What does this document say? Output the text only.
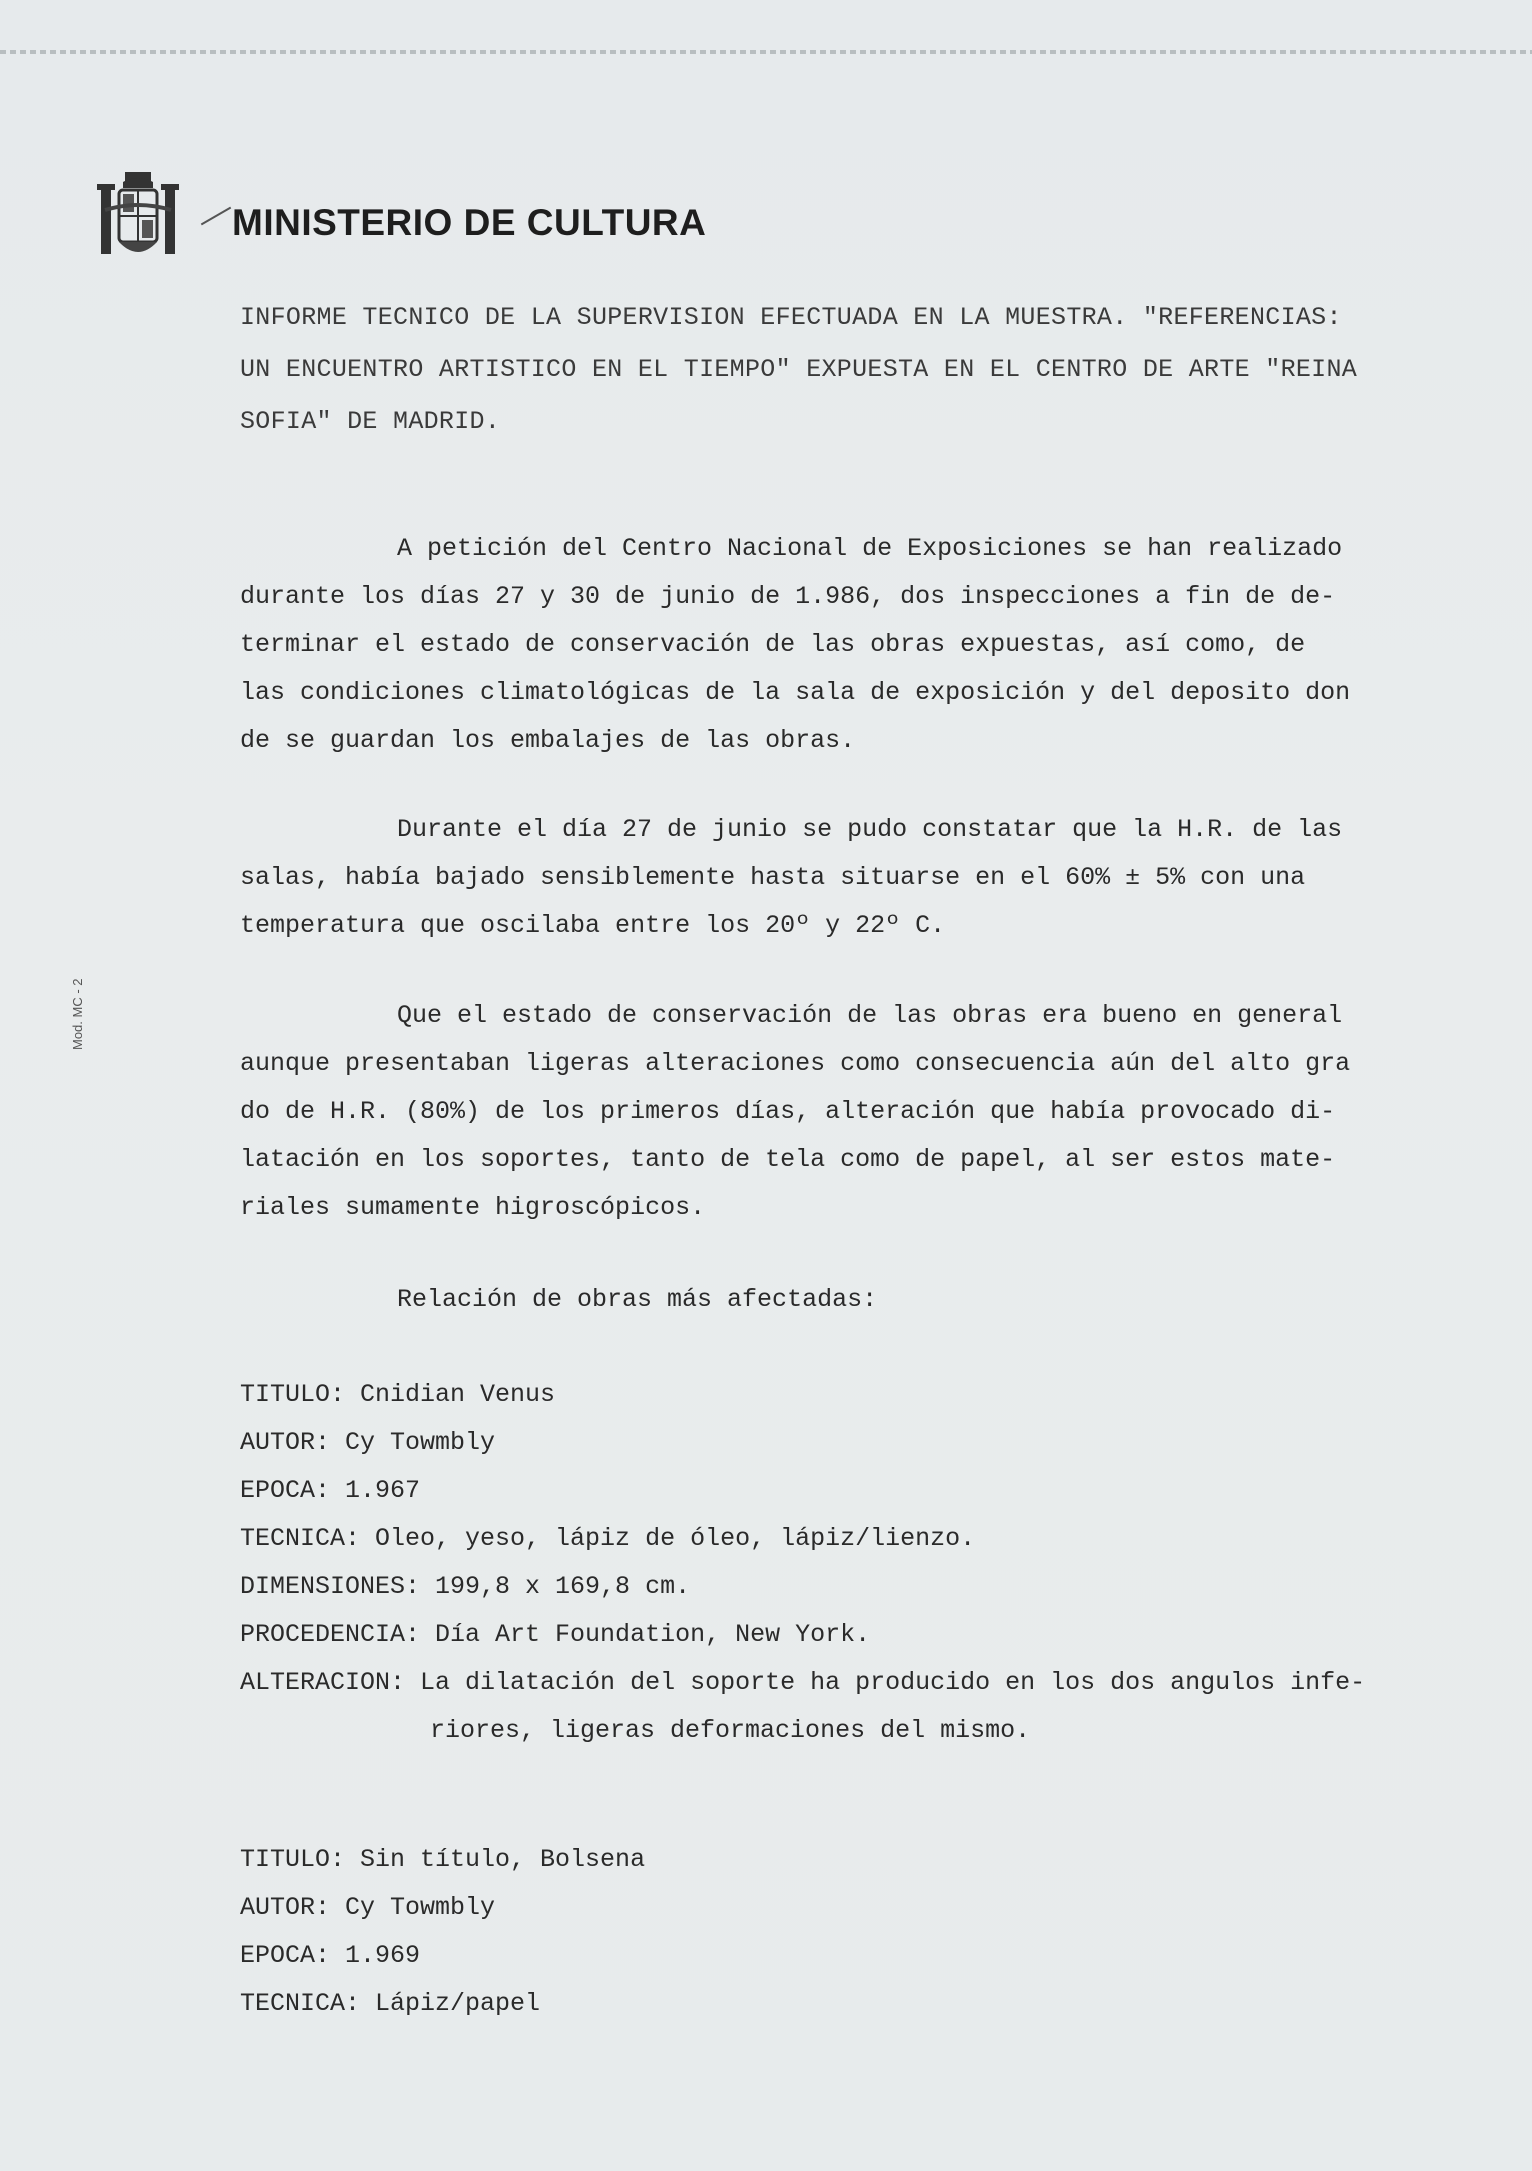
MINISTERIO DE CULTURA
Mod. MC - 2
INFORME TECNICO DE LA SUPERVISION EFECTUADA EN LA MUESTRA. "REFERENCIAS:
UN ENCUENTRO ARTISTICO EN EL TIEMPO" EXPUESTA EN EL CENTRO DE ARTE "REINA
SOFIA" DE MADRID.
A petición del Centro Nacional de Exposiciones se han realizado
durante los días 27 y 30 de junio de 1.986, dos inspecciones a fin de de-
terminar el estado de conservación de las obras expuestas, así como, de
las condiciones climatológicas de la sala de exposición y del deposito don
de se guardan los embalajes de las obras.
Durante el día 27 de junio se pudo constatar que la H.R. de las
salas, había bajado sensiblemente hasta situarse en el 60% ± 5% con una
temperatura que oscilaba entre los 20º y 22º C.
Que el estado de conservación de las obras era bueno en general
aunque presentaban ligeras alteraciones como consecuencia aún del alto gra
do de H.R. (80%) de los primeros días, alteración que había provocado di-
latación en los soportes, tanto de tela como de papel, al ser estos mate-
riales sumamente higroscópicos.
Relación de obras más afectadas:
TITULO: Cnidian Venus
AUTOR: Cy Towmbly
EPOCA: 1.967
TECNICA: Oleo, yeso, lápiz de óleo, lápiz/lienzo.
DIMENSIONES: 199,8 x 169,8 cm.
PROCEDENCIA: Día Art Foundation, New York.
ALTERACION: La dilatación del soporte ha producido en los dos angulos infe-
riores, ligeras deformaciones del mismo.
TITULO: Sin título, Bolsena
AUTOR: Cy Towmbly
EPOCA: 1.969
TECNICA: Lápiz/papel
